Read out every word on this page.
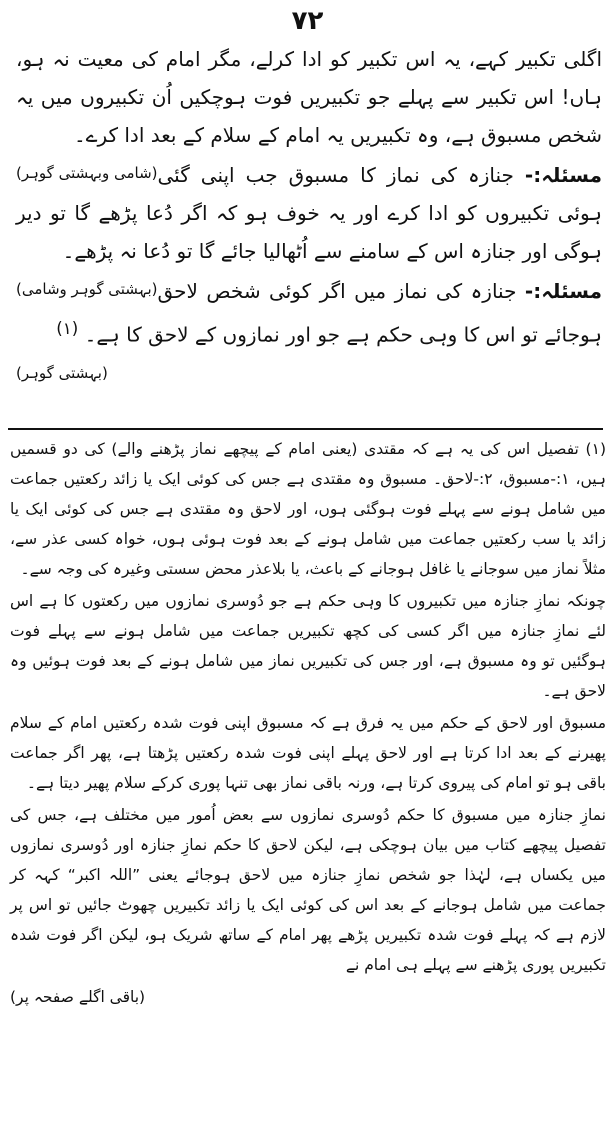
۷۲

اگلی تکبیر کہے، یہ اس تکبیر کو ادا کرلے، مگر امام کی معیت نہ ہو، ہاں! اس تکبیر سے پہلے جو تکبیریں فوت ہوچکیں اُن تکبیروں میں یہ شخص مسبوق ہے، وہ تکبیریں یہ امام کے سلام کے بعد ادا کرے۔
(شامی وبہشتی گوہر)	مسئلہ:- جنازہ کی نماز کا مسبوق جب اپنی گئی ہوئی تکبیروں کو ادا کرے اور یہ خوف ہو کہ اگر دُعا پڑھے گا تو دیر ہوگی اور جنازہ اس کے سامنے سے اُٹھالیا جائے گا تو دُعا نہ پڑھے۔
(بہشتی گوہر وشامی)	مسئلہ:- جنازہ کی نماز میں اگر کوئی شخص لاحق ہوجائے تو اس کا وہی حکم ہے جو اور نمازوں کے لاحق کا ہے۔ $^{(۱)}$
(بہشتی گوہر)

(۱) تفصیل اس کی یہ ہے کہ مقتدی (یعنی امام کے پیچھے نماز پڑھنے والے) کی دو قسمیں ہیں، ۱:-مسبوق، ۲:-لاحق۔ مسبوق وہ مقتدی ہے جس کی کوئی ایک یا زائد رکعتیں جماعت میں شامل ہونے سے پہلے فوت ہوگئی ہوں، اور لاحق وہ مقتدی ہے جس کی کوئی ایک یا زائد یا سب رکعتیں جماعت میں شامل ہونے کے بعد فوت ہوئی ہوں، خواہ کسی عذر سے، مثلاً نماز میں سوجانے یا غافل ہوجانے کے باعث، یا بلاعذر محض سستی وغیرہ کی وجہ سے۔

چونکہ نمازِ جنازہ میں تکبیروں کا وہی حکم ہے جو دُوسری نمازوں میں رکعتوں کا ہے اس لئے نمازِ جنازہ میں اگر کسی کی کچھ تکبیریں جماعت میں شامل ہونے سے پہلے فوت ہوگئیں تو وہ مسبوق ہے، اور جس کی تکبیریں نماز میں شامل ہونے کے بعد فوت ہوئیں وہ لاحق ہے۔

مسبوق اور لاحق کے حکم میں یہ فرق ہے کہ مسبوق اپنی فوت شدہ رکعتیں امام کے سلام پھیرنے کے بعد ادا کرتا ہے اور لاحق پہلے اپنی فوت شدہ رکعتیں پڑھتا ہے، پھر اگر جماعت باقی ہو تو امام کی پیروی کرتا ہے، ورنہ باقی نماز بھی تنہا پوری کرکے سلام پھیر دیتا ہے۔

نمازِ جنازہ میں مسبوق کا حکم دُوسری نمازوں سے بعض اُمور میں مختلف ہے، جس کی تفصیل پیچھے کتاب میں بیان ہوچکی ہے، لیکن لاحق کا حکم نمازِ جنازہ اور دُوسری نمازوں میں یکساں ہے، لہٰذا جو شخص نمازِ جنازہ میں لاحق ہوجائے یعنی ”اللہ اکبر“ کہہ کر جماعت میں شامل ہوجانے کے بعد اس کی کوئی ایک یا زائد تکبیریں چھوٹ جائیں تو اس پر لازم ہے کہ پہلے فوت شدہ تکبیریں پڑھے پھر امام کے ساتھ شریک ہو، لیکن اگر فوت شدہ تکبیریں پوری پڑھنے سے پہلے ہی امام نے

(باقی اگلے صفحہ پر)
